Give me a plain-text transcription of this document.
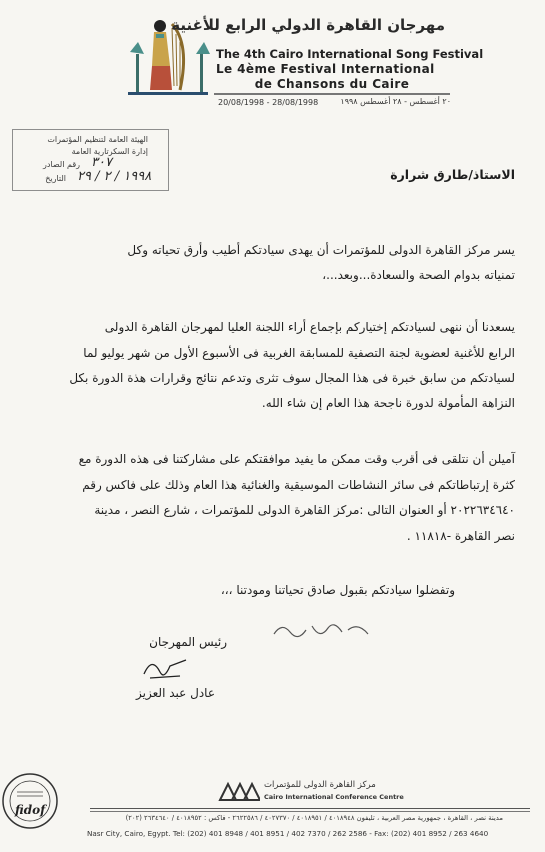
مهرجان القاهرة الدولي الرابع للأغنية
The 4th Cairo International Song Festival
Le 4ème Festival International
de Chansons du Caire
20/08/1998 - 28/08/1998	٢٠ أغسطس - ٢٨ أغسطس ١٩٩٨
الهيئة العامة لتنظيم المؤتمرات
إدارة السكرتارية العامة
رقم الصادر ٣٠٧
التاريخ ١٩٩٨ / ٢ / ٢٩	الاستاذ/طارق شرارة
يسر مركز القاهرة الدولى للمؤتمرات أن يهدى سيادتكم أطيب وأرق تحياته وكل
تمنياته بدوام الصحة والسعادة...وبعد...،
يسعدنا أن ننهى لسيادتكم إختياركم بإجماع أراء اللجنة العليا لمهرجان القاهرة الدولى
الرابع للأغنية لعضوية لجنة التصفية للمسابقة الغربية فى الأسبوع الأول من شهر يوليو لما
لسيادتكم من سابق خبرة فى هذا المجال سوف تثرى وتدعم نتائج وقرارات هذة الدورة بكل
النزاهة المأمولة لدورة ناجحة هذا العام إن شاء الله.
آميلن أن نتلقى فى أقرب وقت ممكن ما يفيد موافقتكم على مشاركتنا فى هذه الدورة مع
كثرة إرتباطاتكم فى سائر النشاطات الموسيقية والغنائية هذا العام وذلك على فاكس رقم
٢٠٢٢٦٣٤٦٤٠ أو العنوان التالى :مركز القاهرة الدولى للمؤتمرات ، شارع النصر ، مدينة
نصر القاهرة -١١٨١٨ .
وتفضلوا سيادتكم بقبول صادق تحياتنا ومودتنا ،،،
رئيس المهرجان
عادل عبد العزيز
fidof
مركز القاهرة الدولى للمؤتمرات
Cairo International Conference Centre
مدينة نصر ، القاهرة ، جمهورية مصر العربية ، تليفون ٤٠١٨٩٤٨ / ٤٠١٨٩٥١ / ٤٠٢٧٣٧٠ / ٢٦٢٢٥٨٦ - فاكس : ٤٠١٨٩٥٢ / ٢٦٣٤٦٤٠ (٢٠٢)
Nasr City, Cairo, Egypt. Tel: (202) 401 8948 / 401 8951 / 402 7370 / 262 2586 - Fax: (202) 401 8952 / 263 4640
